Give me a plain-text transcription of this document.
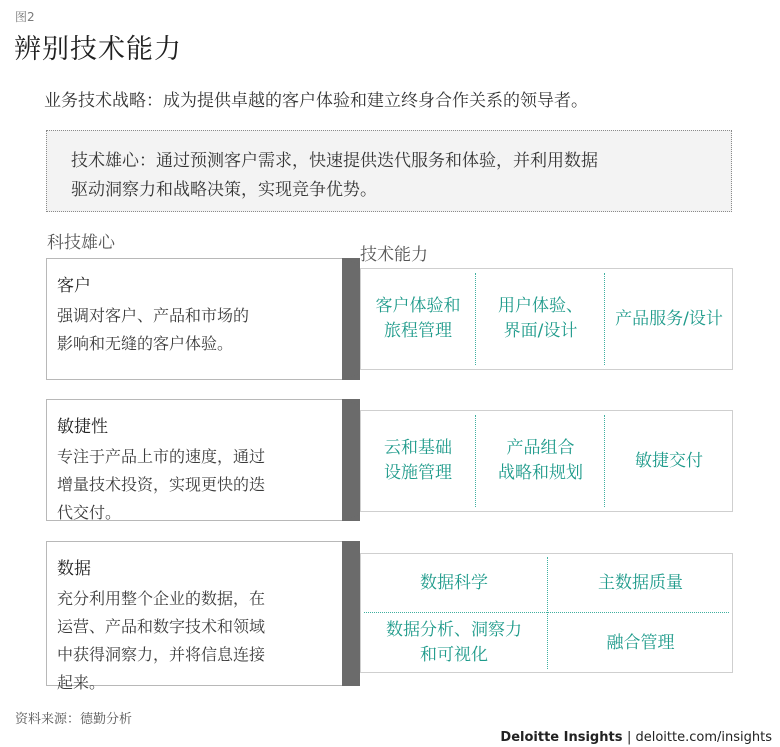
图2
辨别技术能力
业务技术战略：成为提供卓越的客户体验和建立终身合作关系的领导者。
技术雄心：通过预测客户需求，快速提供迭代服务和体验，并利用数据
驱动洞察力和战略决策，实现竞争优势。
科技雄心
技术能力
客户
强调对客户、产品和市场的
影响和无缝的客户体验。
客户体验和
旅程管理
用户体验、
界面/设计
产品服务/设计
敏捷性
专注于产品上市的速度，通过
增量技术投资，实现更快的迭
代交付。
云和基础
设施管理
产品组合
战略和规划
敏捷交付
数据
充分利用整个企业的数据，在
运营、产品和数字技术和领域
中获得洞察力，并将信息连接
起来。
数据科学	主数据质量
数据分析、洞察力
和可视化
融合管理
资料来源：德勤分析
Deloitte Insights | deloitte.com/insights
